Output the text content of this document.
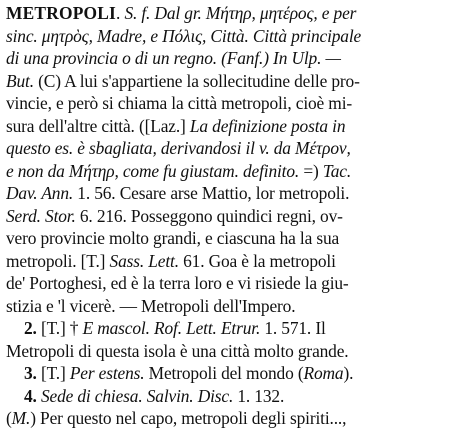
METROPOLI. S. f. Dal gr. Μήτηρ, μητέρος, e per
sinc. μητρὸς, Madre, e Πόλις, Città. Città principale
di una provincia o di un regno. (Fanf.) In Ulp. —
But. (C) A lui s'appartiene la sollecitudine delle pro-
vincie, e però si chiama la città metropoli, cioè mi-
sura dell'altre città. ([Laz.] La definizione posta in
questo es. è sbagliata, derivandosi il v. da Μέτρον,
e non da Μήτηρ, come fu giustam. definito. =) Tac.
Dav. Ann. 1. 56. Cesare arse Mattio, lor metropoli.
Serd. Stor. 6. 216. Posseggono quindici regni, ov-
vero provincie molto grandi, e ciascuna ha la sua
metropoli. [T.] Sass. Lett. 61. Goa è la metropoli
de' Portoghesi, ed è la terra loro e vi risiede la giu-
stizia e 'l vicerè. — Metropoli dell'Impero.
2. [T.] † E mascol. Rof. Lett. Etrur. 1. 571. Il
Metropoli di questa isola è una città molto grande.
3. [T.] Per estens. Metropoli del mondo (Roma).
4. Sede di chiesa. Salvin. Disc. 1. 132.
(M.) Per questo nel capo, metropoli degli spiriti...,
